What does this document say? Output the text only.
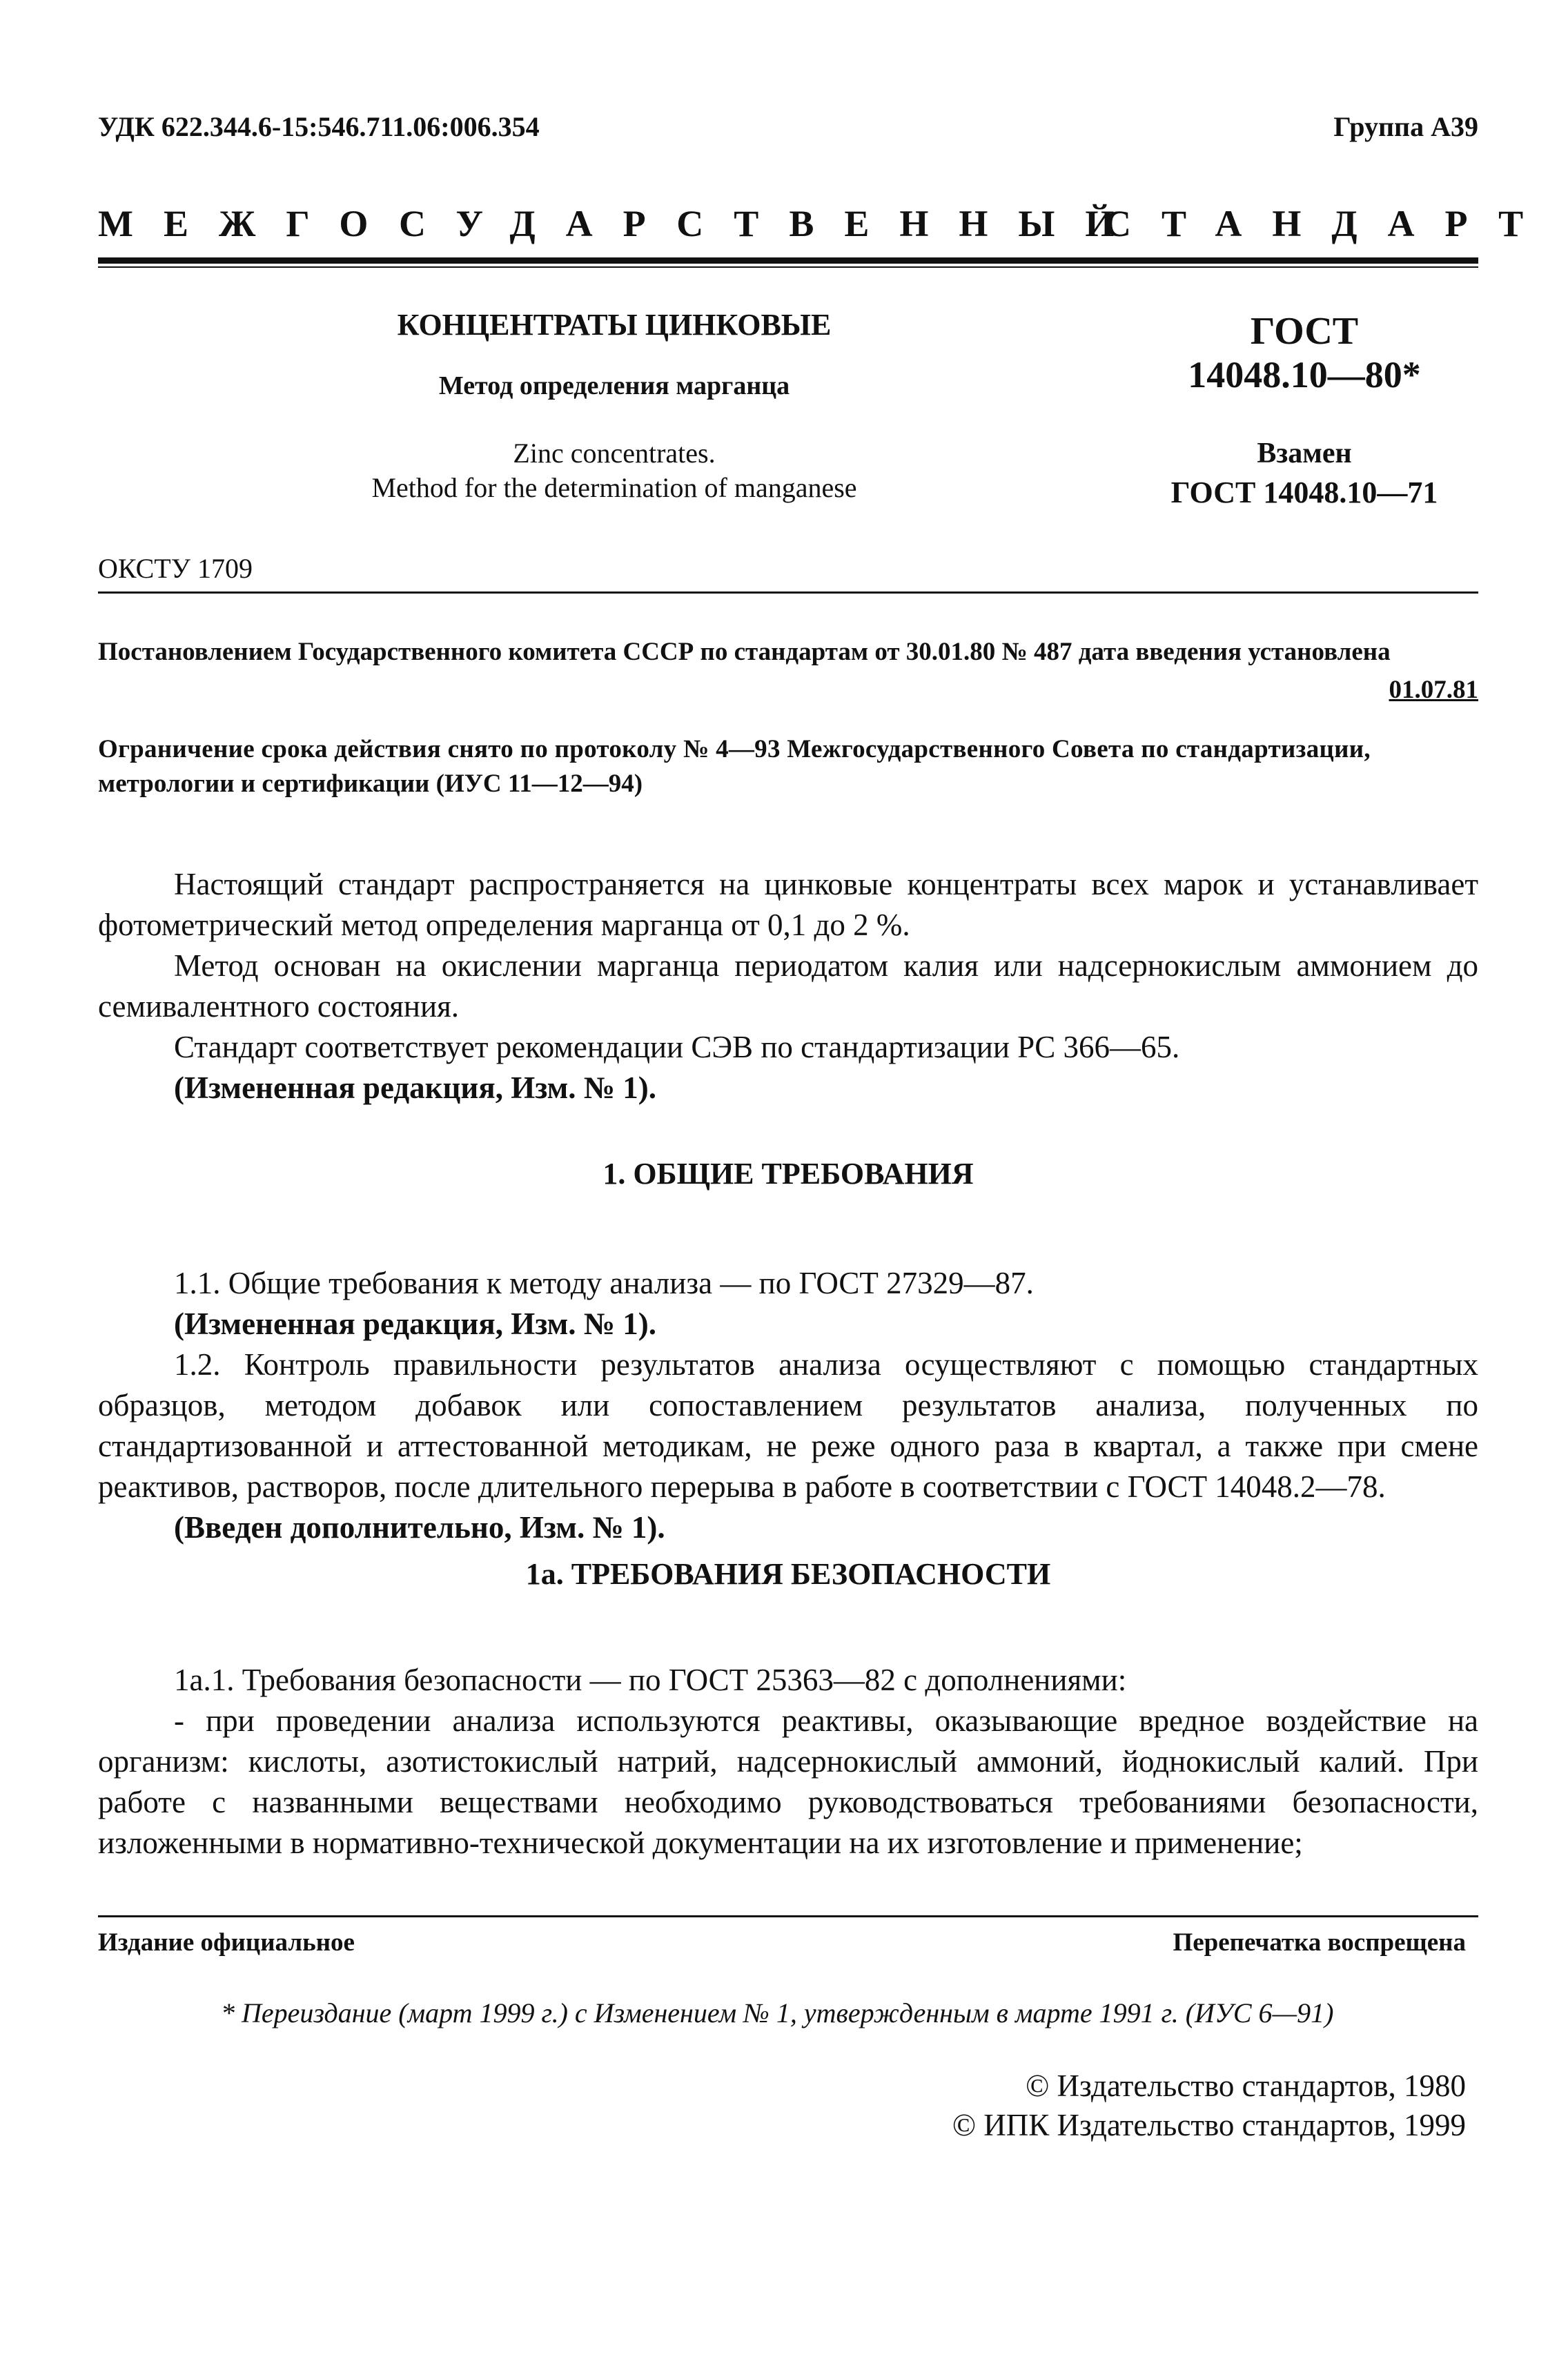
УДК 622.344.6-15:546.711.06:006.354	Группа А39
МЕЖГОСУДАРСТВЕННЫЙ
СТАНДАРТ
КОНЦЕНТРАТЫ ЦИНКОВЫЕ
Метод определения марганца
Zinc concentrates.
Method for the determination of manganese
ГОСТ
14048.10—80*
Взамен
ГОСТ 14048.10—71
ОКСТУ 1709
Постановлением Государственного комитета СССР по стандартам от 30.01.80 № 487 дата введения установлена
01.07.81
Ограничение срока действия снято по протоколу № 4—93 Межгосударственного Совета по стандартизации,
метрологии и сертификации (ИУС 11—12—94)

Настоящий стандарт распространяется на цинковые концентраты всех марок и устанавливает фотометрический метод определения марганца от 0,1 до 2 %.

Метод основан на окислении марганца периодатом калия или надсернокислым аммонием до семивалентного состояния.

Стандарт соответствует рекомендации СЭВ по стандартизации PC 366—65.

(Измененная редакция, Изм. № 1).

1. ОБЩИЕ ТРЕБОВАНИЯ

1.1. Общие требования к методу анализа — по ГОСТ 27329—87.

(Измененная редакция, Изм. № 1).

1.2. Контроль правильности результатов анализа осуществляют с помощью стандартных образцов, методом добавок или сопоставлением результатов анализа, полученных по стандартизованной и аттестованной методикам, не реже одного раза в квартал, а также при смене реактивов, растворов, после длительного перерыва в работе в соответствии с ГОСТ 14048.2—78.

(Введен дополнительно, Изм. № 1).

1a. ТРЕБОВАНИЯ БЕЗОПАСНОСТИ

1a.1. Требования безопасности — по ГОСТ 25363—82 с дополнениями:

- при проведении анализа используются реактивы, оказывающие вредное воздействие на организм: кислоты, азотистокислый натрий, надсернокислый аммоний, йоднокислый калий. При работе с названными веществами необходимо руководствоваться требованиями безопасности, изложенными в нормативно-технической документации на их изготовление и применение;

Издание официальное	Перепечатка воспрещена
* Переиздание (март 1999 г.) с Изменением № 1, утвержденным в марте 1991 г. (ИУС 6—91)
© Издательство стандартов, 1980
© ИПК Издательство стандартов, 1999
